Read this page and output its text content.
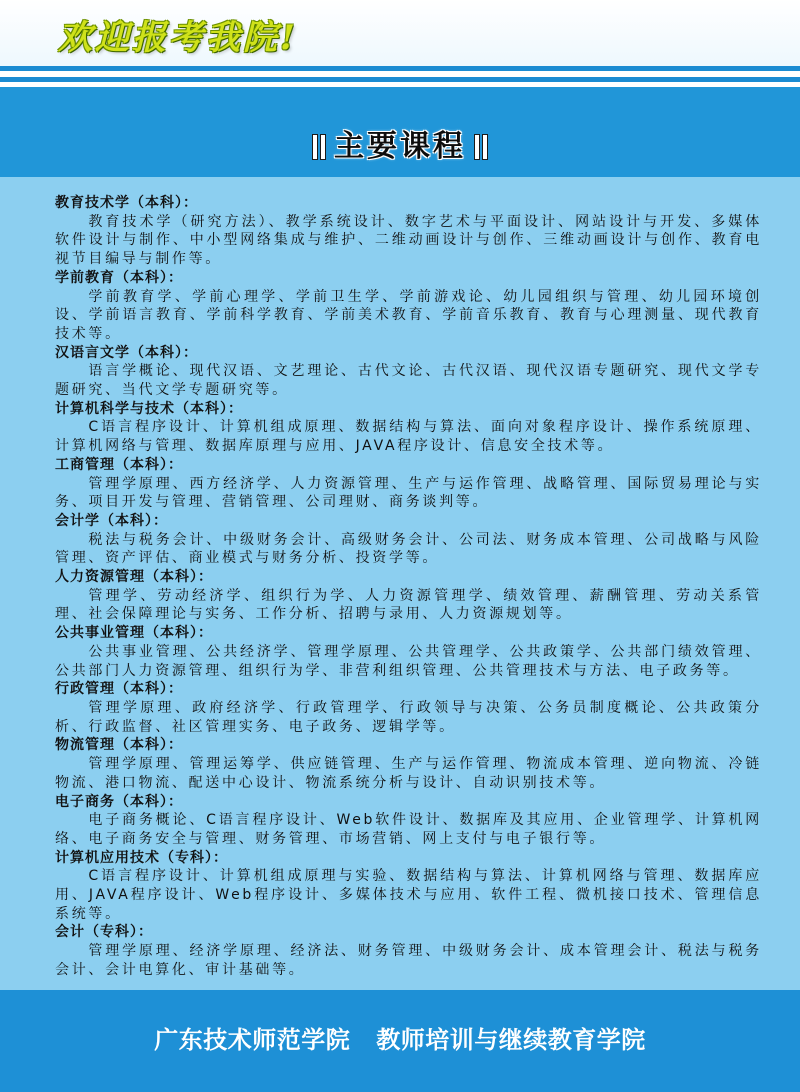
欢迎报考我院!
主要课程
教育技术学（本科）：

教育技术学（研究方法）、教学系统设计、数字艺术与平面设计、网站设计与开发、多媒体软件设计与制作、中小型网络集成与维护、二维动画设计与创作、三维动画设计与创作、教育电视节目编导与制作等。

学前教育（本科）：

学前教育学、学前心理学、学前卫生学、学前游戏论、幼儿园组织与管理、幼儿园环境创设、学前语言教育、学前科学教育、学前美术教育、学前音乐教育、教育与心理测量、现代教育技术等。

汉语言文学（本科）：

语言学概论、现代汉语、文艺理论、古代文论、古代汉语、现代汉语专题研究、现代文学专题研究、当代文学专题研究等。

计算机科学与技术（本科）：

C语言程序设计、计算机组成原理、数据结构与算法、面向对象程序设计、操作系统原理、计算机网络与管理、数据库原理与应用、JAVA程序设计、信息安全技术等。

工商管理（本科）：

管理学原理、西方经济学、人力资源管理、生产与运作管理、战略管理、国际贸易理论与实务、项目开发与管理、营销管理、公司理财、商务谈判等。

会计学（本科）：

税法与税务会计、中级财务会计、高级财务会计、公司法、财务成本管理、公司战略与风险管理、资产评估、商业模式与财务分析、投资学等。

人力资源管理（本科）：

管理学、劳动经济学、组织行为学、人力资源管理学、绩效管理、薪酬管理、劳动关系管理、社会保障理论与实务、工作分析、招聘与录用、人力资源规划等。

公共事业管理（本科）：

公共事业管理、公共经济学、管理学原理、公共管理学、公共政策学、公共部门绩效管理、公共部门人力资源管理、组织行为学、非营利组织管理、公共管理技术与方法、电子政务等。

行政管理（本科）：

管理学原理、政府经济学、行政管理学、行政领导与决策、公务员制度概论、公共政策分析、行政监督、社区管理实务、电子政务、逻辑学等。

物流管理（本科）：

管理学原理、管理运筹学、供应链管理、生产与运作管理、物流成本管理、逆向物流、冷链物流、港口物流、配送中心设计、物流系统分析与设计、自动识别技术等。

电子商务（本科）：

电子商务概论、C语言程序设计、Web软件设计、数据库及其应用、企业管理学、计算机网络、电子商务安全与管理、财务管理、市场营销、网上支付与电子银行等。

计算机应用技术（专科）：

C语言程序设计、计算机组成原理与实验、数据结构与算法、计算机网络与管理、数据库应用、JAVA程序设计、Web程序设计、多媒体技术与应用、软件工程、微机接口技术、管理信息系统等。

会计（专科）：

管理学原理、经济学原理、经济法、财务管理、中级财务会计、成本管理会计、税法与税务会计、会计电算化、审计基础等。

广东技术师范学院 教师培训与继续教育学院
